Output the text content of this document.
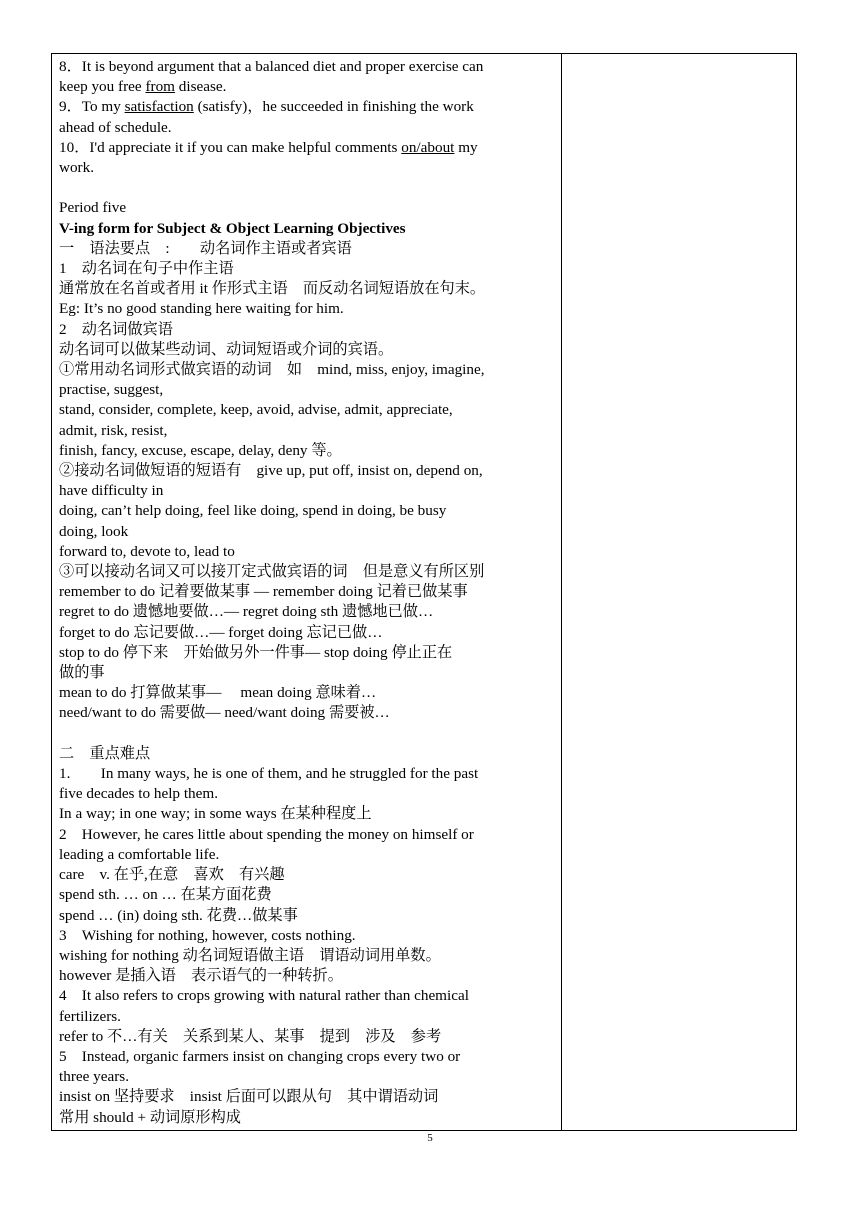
8．It is beyond argument that a balanced diet and proper exercise can
keep you free from disease.
9．To my satisfaction (satisfy)，he succeeded in finishing the work
ahead of schedule.
10．I'd appreciate it if you can make helpful comments on/about my
work.
Period five
V-ing form for Subject & Object Learning Objectives
一　语法要点　:　　动名词作主语或者宾语
1　动名词在句子中作主语
通常放在名首或者用 it 作形式主语　而反动名词短语放在句末。
Eg: It’s no good standing here waiting for him.
2　动名词做宾语
动名词可以做某些动词、动词短语或介词的宾语。
①常用动名词形式做宾语的动词　如　mind, miss, enjoy, imagine,
practise, suggest,
stand, consider, complete, keep, avoid, advise, admit, appreciate,
admit, risk, resist,
finish, fancy, excuse, escape, delay, deny 等。
②接动名词做短语的短语有　give up, put off, insist on, depend on,
have difficulty in
doing, can’t help doing, feel like doing, spend in doing, be busy
doing, look
forward to, devote to, lead to
③可以接动名词又可以接丌定式做宾语的词　但是意义有所区别
remember to do 记着要做某事 — remember doing 记着已做某事
regret to do 遗憾地要做…— regret doing sth 遗憾地已做…
forget to do 忘记要做…— forget doing 忘记已做…
stop to do 停下来　开始做另外一件事— stop doing 停止正在
做的事
mean to do 打算做某事—　 mean doing 意味着…
need/want to do 需要做— need/want doing 需要被…
二　重点难点
1.　　In many ways, he is one of them, and he struggled for the past
five decades to help them.
In a way; in one way; in some ways 在某种程度上
2　However, he cares little about spending the money on himself or
leading a comfortable life.
care　v. 在乎,在意　喜欢　有兴趣
spend sth. … on … 在某方面花费
spend … (in) doing sth. 花费…做某事
3　Wishing for nothing, however, costs nothing.
wishing for nothing 动名词短语做主语　谓语动词用单数。
however 是插入语　表示语气的一种转折。
4　It also refers to crops growing with natural rather than chemical
fertilizers.
refer to 不…有关　关系到某人、某事　提到　涉及　参考
5　Instead, organic farmers insist on changing crops every two or
three years.
insist on 坚持要求　insist 后面可以跟从句　其中谓语动词
常用 should + 动词原形构成
5
